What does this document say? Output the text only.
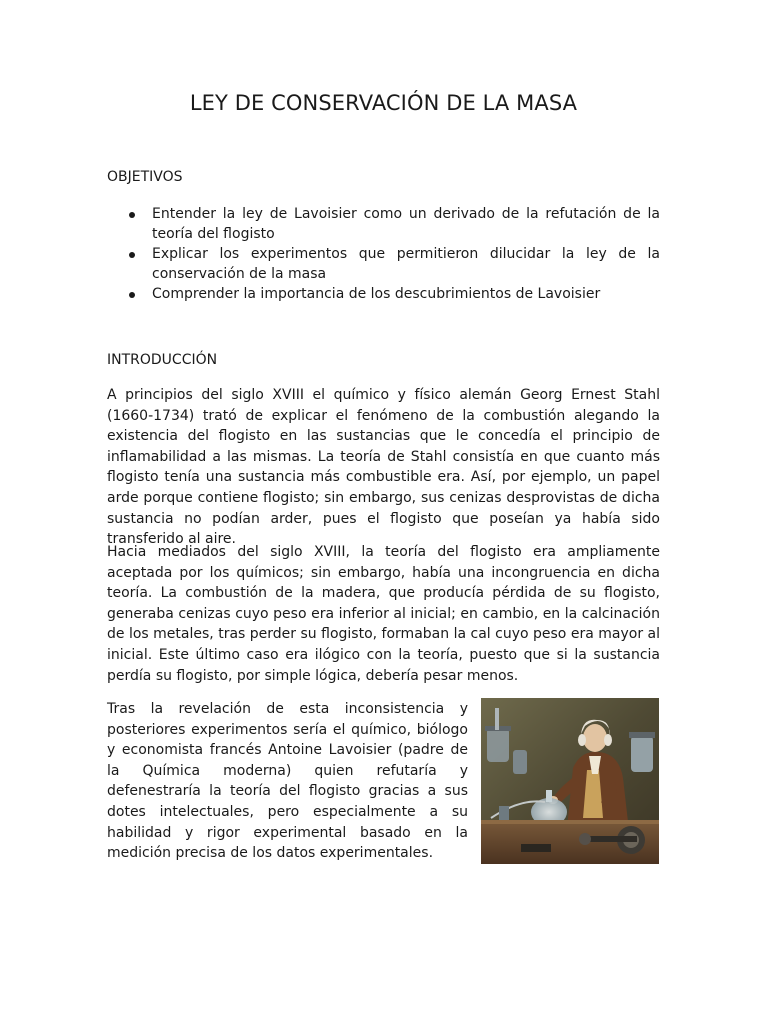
LEY DE CONSERVACIÓN DE LA MASA
OBJETIVOS
Entender la ley de Lavoisier como un derivado de la refutación de la teoría del flogisto
Explicar los experimentos que permitieron dilucidar la ley de la conservación de la masa
Comprender la importancia de los descubrimientos de Lavoisier
INTRODUCCIÓN

A principios del siglo XVIII el químico y físico alemán Georg Ernest Stahl (1660-1734) trató de explicar el fenómeno de la combustión alegando la existencia del flogisto en las sustancias que le concedía el principio de inflamabilidad a las mismas. La teoría de Stahl consistía en que cuanto más flogisto tenía una sustancia más combustible era. Así, por ejemplo, un papel arde porque contiene flogisto; sin embargo, sus cenizas desprovistas de dicha sustancia no podían arder, pues el flogisto que poseían ya había sido transferido al aire.

Hacia mediados del siglo XVIII, la teoría del flogisto era ampliamente aceptada por los químicos; sin embargo, había una incongruencia en dicha teoría. La combustión de la madera, que producía pérdida de su flogisto, generaba cenizas cuyo peso era inferior al inicial; en cambio, en la calcinación de los metales, tras perder su flogisto, formaban la cal cuyo peso era mayor al inicial. Este último caso era ilógico con la teoría, puesto que si la sustancia perdía su flogisto, por simple lógica, debería pesar menos.

Tras la revelación de esta inconsistencia y posteriores experimentos sería el químico, biólogo y economista francés Antoine Lavoisier (padre de la Química moderna) quien refutaría y defenestraría la teoría del flogisto gracias a sus dotes intelectuales, pero especialmente a su habilidad y rigor experimental basado en la medición precisa de los datos experimentales.
